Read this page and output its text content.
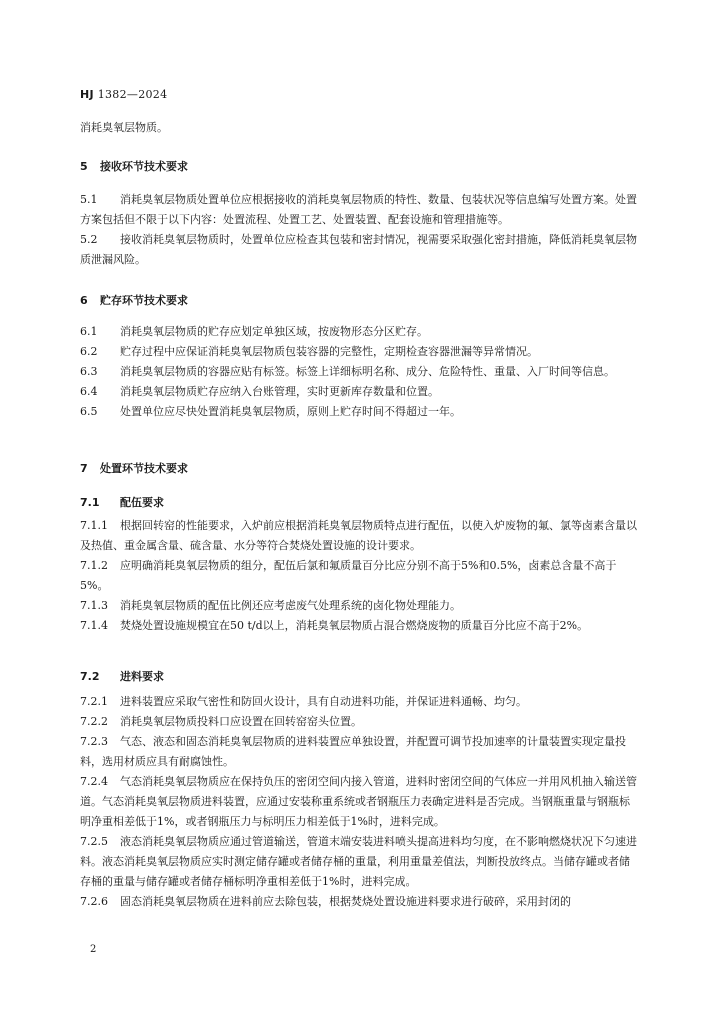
HJ 1382—2024
消耗臭氧层物质。
5 接收环节技术要求
5.1 消耗臭氧层物质处置单位应根据接收的消耗臭氧层物质的特性、数量、包装状况等信息编写处置方案。处置方案包括但不限于以下内容：处置流程、处置工艺、处置装置、配套设施和管理措施等。
5.2 接收消耗臭氧层物质时，处置单位应检查其包装和密封情况，视需要采取强化密封措施，降低消耗臭氧层物质泄漏风险。
6 贮存环节技术要求
6.1 消耗臭氧层物质的贮存应划定单独区域，按废物形态分区贮存。
6.2 贮存过程中应保证消耗臭氧层物质包装容器的完整性，定期检查容器泄漏等异常情况。
6.3 消耗臭氧层物质的容器应贴有标签。标签上详细标明名称、成分、危险特性、重量、入厂时间等信息。
6.4 消耗臭氧层物质贮存应纳入台账管理，实时更新库存数量和位置。
6.5 处置单位应尽快处置消耗臭氧层物质，原则上贮存时间不得超过一年。
7 处置环节技术要求
7.1 配伍要求
7.1.1 根据回转窑的性能要求，入炉前应根据消耗臭氧层物质特点进行配伍，以使入炉废物的氟、氯等卤素含量以及热值、重金属含量、硫含量、水分等符合焚烧处置设施的设计要求。
7.1.2 应明确消耗臭氧层物质的组分，配伍后氯和氟质量百分比应分别不高于5%和0.5%，卤素总含量不高于5%。
7.1.3 消耗臭氧层物质的配伍比例还应考虑废气处理系统的卤化物处理能力。
7.1.4 焚烧处置设施规模宜在50 t/d以上，消耗臭氧层物质占混合燃烧废物的质量百分比应不高于2%。
7.2 进料要求
7.2.1 进料装置应采取气密性和防回火设计，具有自动进料功能，并保证进料通畅、均匀。
7.2.2 消耗臭氧层物质投料口应设置在回转窑窑头位置。
7.2.3 气态、液态和固态消耗臭氧层物质的进料装置应单独设置，并配置可调节投加速率的计量装置实现定量投料，选用材质应具有耐腐蚀性。
7.2.4 气态消耗臭氧层物质应在保持负压的密闭空间内接入管道，进料时密闭空间的气体应一并用风机抽入输送管道。气态消耗臭氧层物质进料装置，应通过安装称重系统或者钢瓶压力表确定进料是否完成。当钢瓶重量与钢瓶标明净重相差低于1%，或者钢瓶压力与标明压力相差低于1%时，进料完成。
7.2.5 液态消耗臭氧层物质应通过管道输送，管道末端安装进料喷头提高进料均匀度，在不影响燃烧状况下匀速进料。液态消耗臭氧层物质应实时测定储存罐或者储存桶的重量，利用重量差值法，判断投放终点。当储存罐或者储存桶的重量与储存罐或者储存桶标明净重相差低于1%时，进料完成。
7.2.6 固态消耗臭氧层物质在进料前应去除包装，根据焚烧处置设施进料要求进行破碎，采用封闭的
2
